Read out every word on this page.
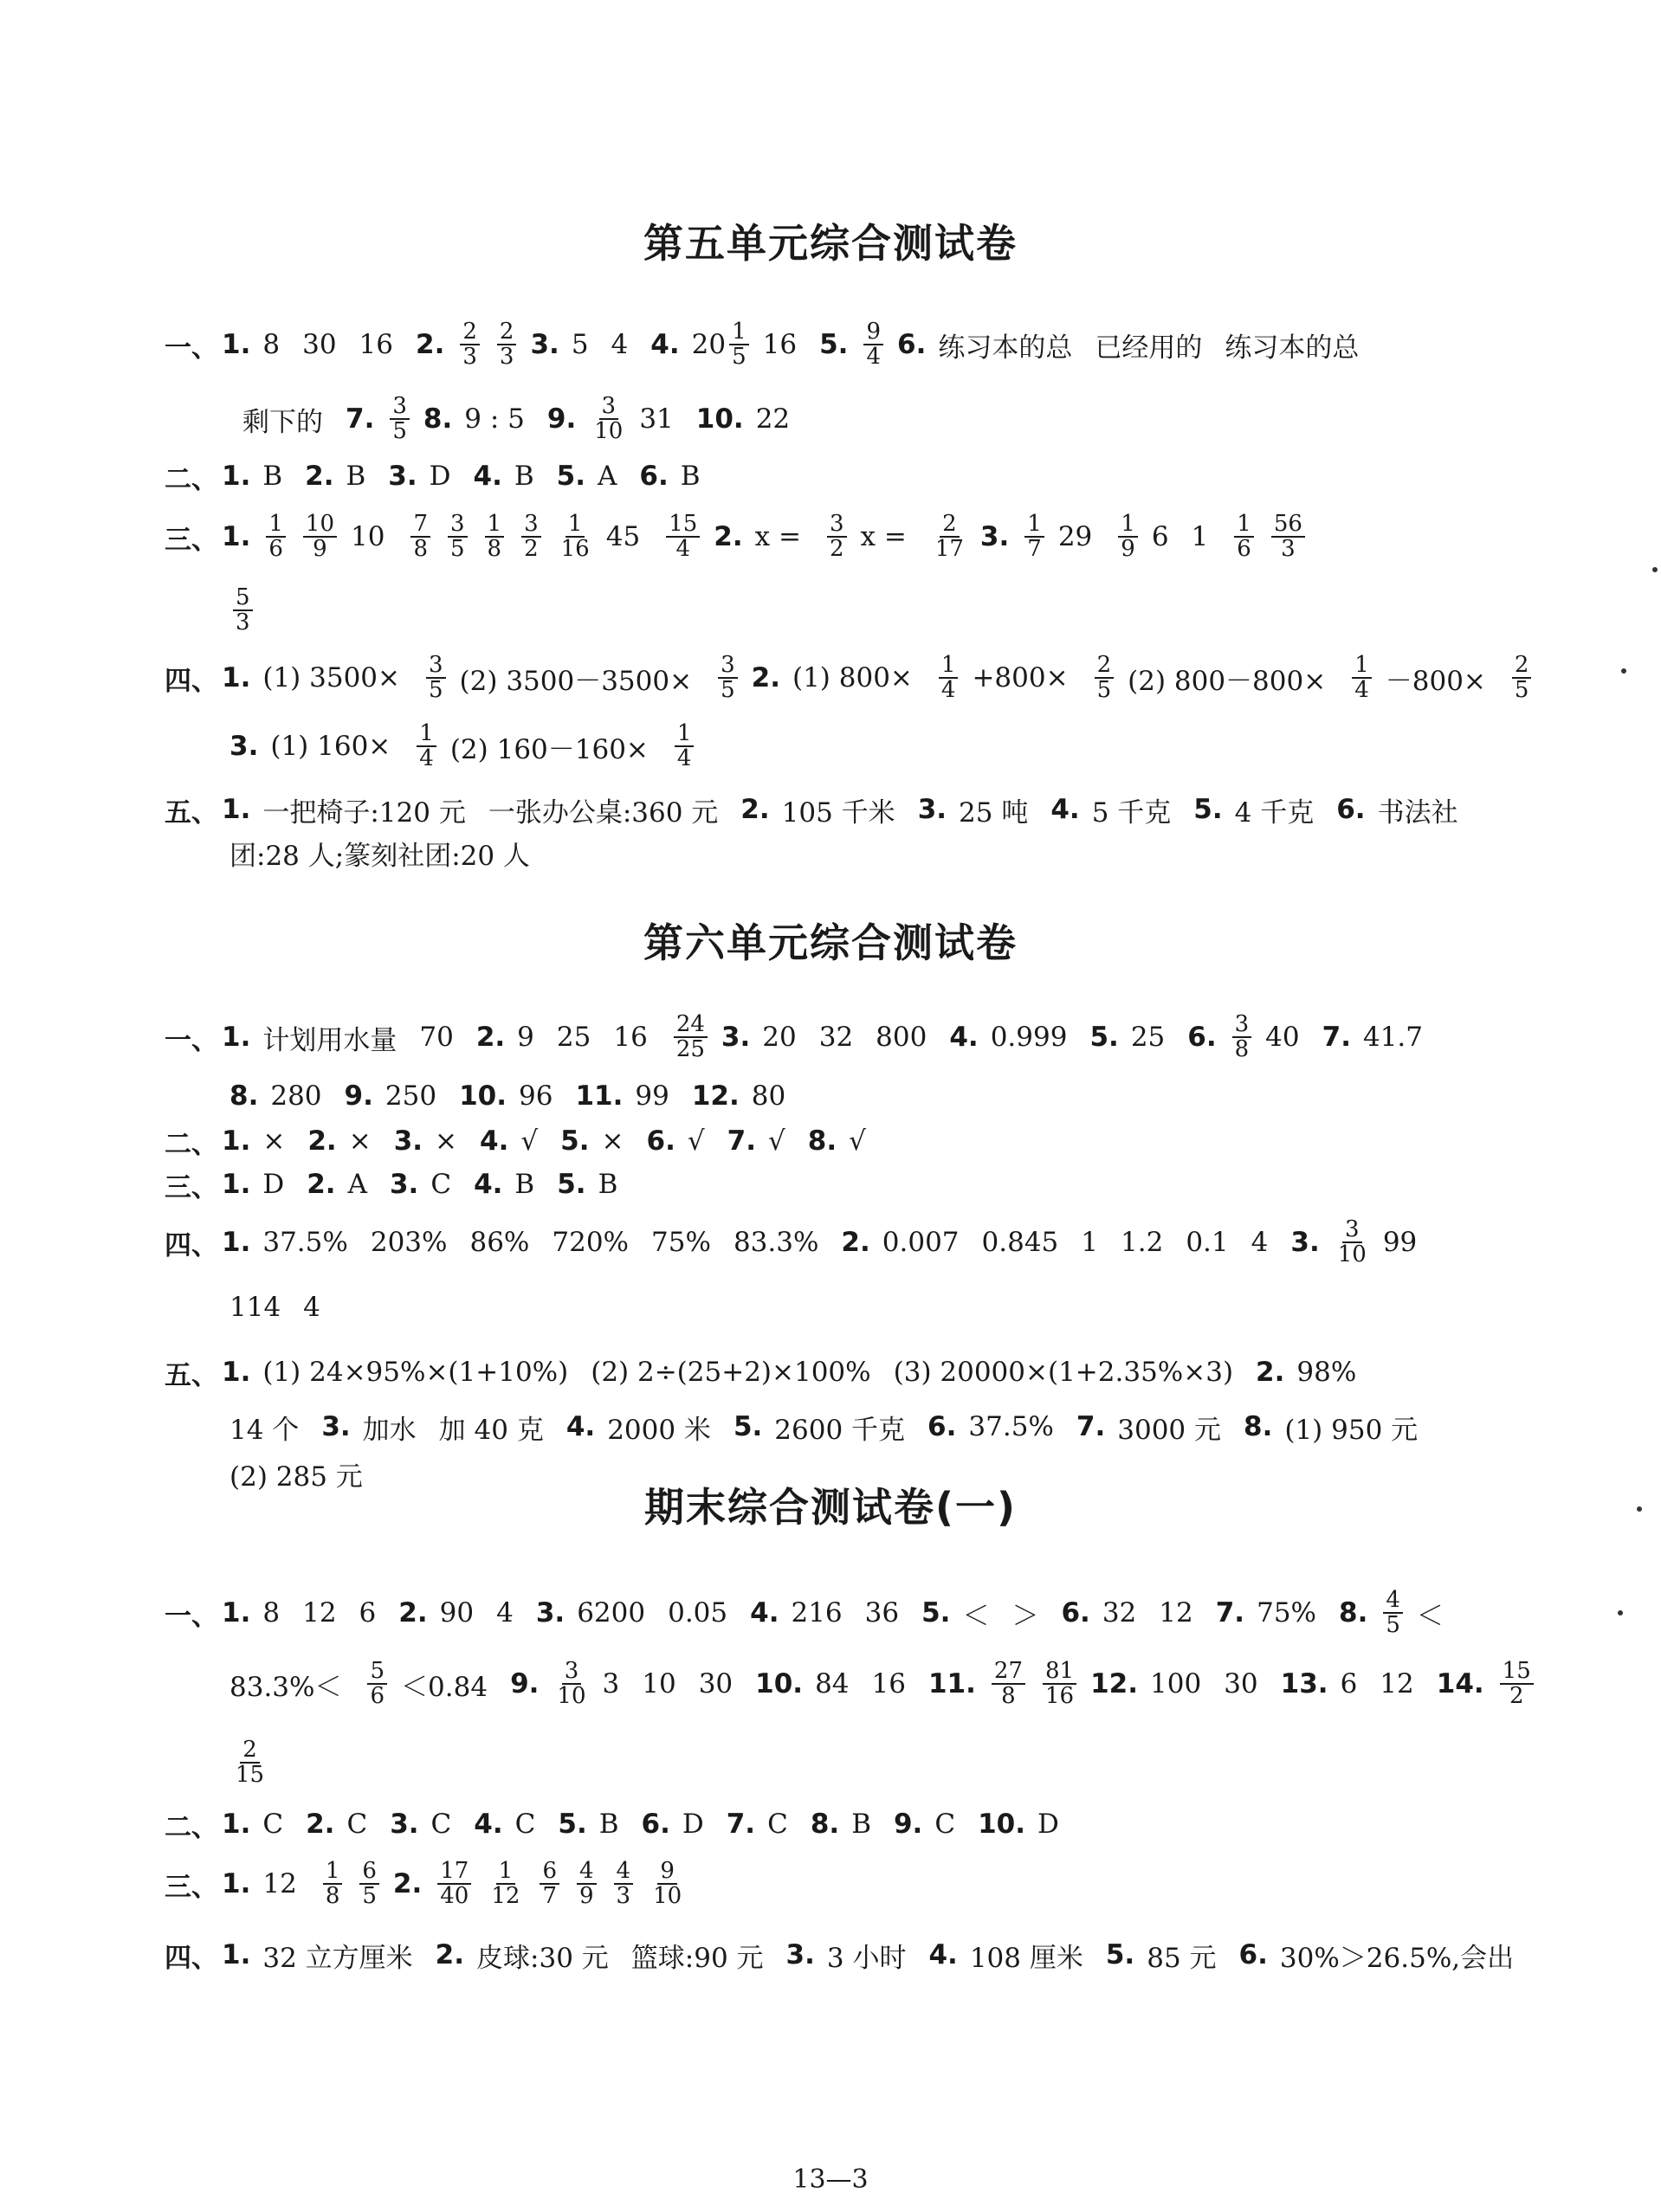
第五单元综合测试卷
一、 1. 8 30 16 2. $\frac{2}{3} \frac{2}{3} 3$. 5 4 4. $20 \frac{1}{5} 16$ 5. $\frac{9}{4} 6$. 练习本的总 已经用的 练习本的总
剩下的 7. $\frac{3}{5} 8$. 9 : 5 9. $\frac{3}{10} 31$ 10. 22
二、 1. B 2. B 3. D 4. B 5. A 6. B
三、 1. $\frac{1}{6} \frac{10}{9} 10 \frac{7}{8} \frac{3}{5} \frac{1}{8} \frac{3}{2} \frac{1}{16} 45 \frac{15}{4} 2$. $x = \frac{3}{2}$ $x = \frac{2}{17} 3$. $\frac{1}{7} 29 \frac{1}{9} 6$ $1 \frac{1}{6} \frac{56}{3}$
$\frac{5}{3}$
四、 1. (1) $3500\times \frac{3}{5} (2)$ $3500-3500\times \frac{3}{5} 2$. (1) $800\times \frac{1}{4} +800\times \frac{2}{5} (2)$ $800-800\times \frac{1}{4} -800\times \frac{2}{5}$
3. (1) $160\times \frac{1}{4} (2)$ $160-160\times \frac{1}{4}$
五、 1. 一把椅子:120 元 一张办公桌:360 元 2. 105 千米 3. 25 吨 4. 5 千克 5. 4 千克 6. 书法社
团:28 人;篆刻社团:20 人
第六单元综合测试卷
一、 1. 计划用水量 70 2. 9 25 $16 \frac{24}{25} 3$. 20 32 800 4. 0.999 5. 25 6. $\frac{3}{8} 40$ 7. 41.7
8. 280 9. 250 10. 96 11. 99 12. 80
二、 1. × 2. × 3. × 4. √ 5. × 6. √ 7. √ 8. √
三、 1. D 2. A 3. C 4. B 5. B
四、 1. 37.5% 203% 86% 720% 75% 83.3% 2. 0.007 0.845 1 1.2 0.1 4 3. $\frac{3}{10} 99$
114 4
五、 1. (1) 24×95%×(1+10%) (2) 2÷(25+2)×100% (3) 20000×(1+2.35%×3) 2. 98%
14 个 3. 加水 加 40 克 4. 2000 米 5. 2600 千克 6. 37.5% 7. 3000 元 8. (1) 950 元
(2) 285 元
期末综合测试卷(一)
一、 1. 8 12 6 2. 90 4 3. 6200 0.05 4. 216 36 5. ＜ ＞ 6. 32 12 7. 75% 8. $\frac{4}{5}$ ＜
$83.3\%< \frac{5}{6} <0.84$ 9. $\frac{3}{10} 3$ 10 30 10. 84 16 11. $\frac{27}{8} \frac{81}{16} 12$. 100 30 13. 6 12 14. $\frac{15}{2}$
$\frac{2}{15}$
二、 1. C 2. C 3. C 4. C 5. B 6. D 7. C 8. B 9. C 10. D
三、 1. $12 \frac{1}{8} \frac{6}{5} 2$. $\frac{17}{40} \frac{1}{12} \frac{6}{7} \frac{4}{9} \frac{4}{3} \frac{9}{10}$
四、 1. 32 立方厘米 2. 皮球:30 元 篮球:90 元 3. 3 小时 4. 108 厘米 5. 85 元 6. 30%＞26.5%,会出
13—3
